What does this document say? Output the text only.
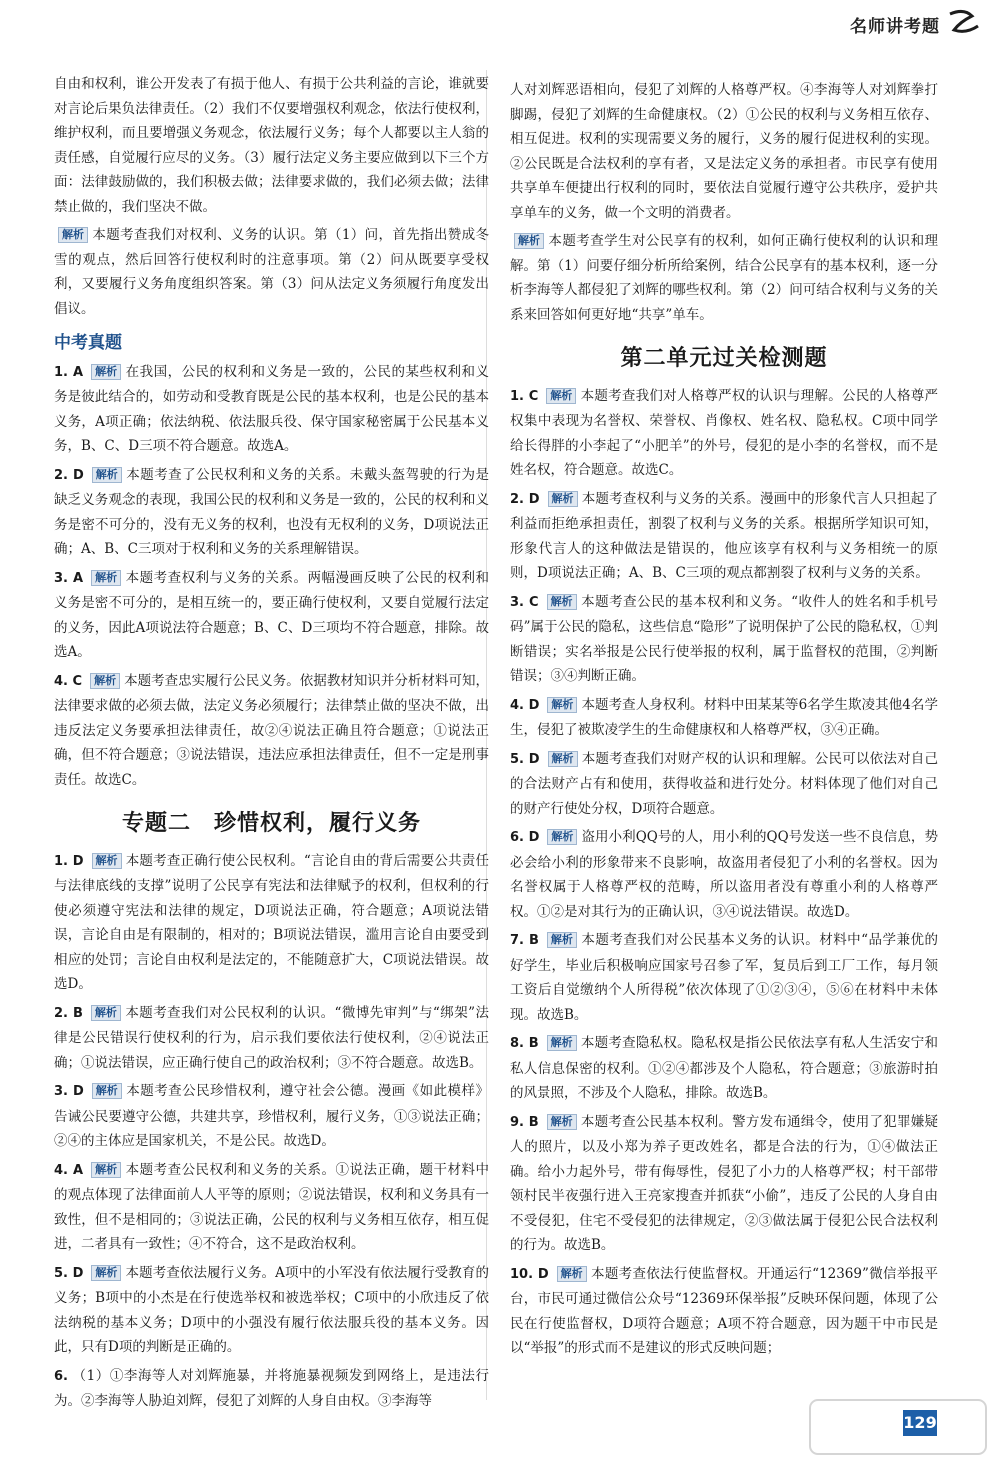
名师讲考题

自由和权利，谁公开发表了有损于他人、有损于公共利益的言论，谁就要对言论后果负法律责任。（2）我们不仅要增强权利观念，依法行使权利，维护权利，而且要增强义务观念，依法履行义务；每个人都要以主人翁的责任感，自觉履行应尽的义务。（3）履行法定义务主要应做到以下三个方面：法律鼓励做的，我们积极去做；法律要求做的，我们必须去做；法律禁止做的，我们坚决不做。

解析 本题考查我们对权利、义务的认识。第（1）问，首先指出赞成冬雪的观点，然后回答行使权利时的注意事项。第（2）问从既要享受权利，又要履行义务角度组织答案。第（3）问从法定义务须履行角度发出倡议。

中考真题

1. A 解析 在我国，公民的权利和义务是一致的，公民的某些权利和义务是彼此结合的，如劳动和受教育既是公民的基本权利，也是公民的基本义务，A项正确；依法纳税、依法服兵役、保守国家秘密属于公民基本义务，B、C、D三项不符合题意。故选A。

2. D 解析 本题考查了公民权利和义务的关系。未戴头盔驾驶的行为是缺乏义务观念的表现，我国公民的权利和义务是一致的，公民的权利和义务是密不可分的，没有无义务的权利，也没有无权利的义务，D项说法正确；A、B、C三项对于权利和义务的关系理解错误。

3. A 解析 本题考查权利与义务的关系。两幅漫画反映了公民的权利和义务是密不可分的，是相互统一的，要正确行使权利，又要自觉履行法定的义务，因此A项说法符合题意；B、C、D三项均不符合题意，排除。故选A。

4. C 解析 本题考查忠实履行公民义务。依据教材知识并分析材料可知，法律要求做的必须去做，法定义务必须履行；法律禁止做的坚决不做，出违反法定义务要承担法律责任，故②④说法正确且符合题意；①说法正确，但不符合题意；③说法错误，违法应承担法律责任，但不一定是刑事责任。故选C。

专题二　珍惜权利，履行义务

1. D 解析 本题考查正确行使公民权利。“言论自由的背后需要公共责任与法律底线的支撑”说明了公民享有宪法和法律赋予的权利，但权利的行使必须遵守宪法和法律的规定，D项说法正确，符合题意；A项说法错误，言论自由是有限制的，相对的；B项说法错误，滥用言论自由要受到相应的处罚；言论自由权利是法定的，不能随意扩大，C项说法错误。故选D。

2. B 解析 本题考查我们对公民权利的认识。“微博先审判”与“绑架”法律是公民错误行使权利的行为，启示我们要依法行使权利，②④说法正确；①说法错误，应正确行使自己的政治权利；③不符合题意。故选B。

3. D 解析 本题考查公民珍惜权利，遵守社会公德。漫画《如此模样》告诫公民要遵守公德，共建共享，珍惜权利，履行义务，①③说法正确；②④的主体应是国家机关，不是公民。故选D。

4. A 解析 本题考查公民权利和义务的关系。①说法正确，题干材料中的观点体现了法律面前人人平等的原则；②说法错误，权利和义务具有一致性，但不是相同的；③说法正确，公民的权利与义务相互依存，相互促进，二者具有一致性；④不符合，这不是政治权利。

5. D 解析 本题考查依法履行义务。A项中的小军没有依法履行受教育的义务；B项中的小杰是在行使选举权和被选举权；C项中的小欣违反了依法纳税的基本义务；D项中的小强没有履行依法服兵役的基本义务。因此，只有D项的判断是正确的。

6. （1）①李海等人对刘辉施暴，并将施暴视频发到网络上，是违法行为。②李海等人胁迫刘辉，侵犯了刘辉的人身自由权。③李海等

人对刘辉恶语相向，侵犯了刘辉的人格尊严权。④李海等人对刘辉拳打脚踢，侵犯了刘辉的生命健康权。（2）①公民的权利与义务相互依存、相互促进。权利的实现需要义务的履行，义务的履行促进权利的实现。②公民既是合法权利的享有者，又是法定义务的承担者。市民享有使用共享单车便捷出行权利的同时，要依法自觉履行遵守公共秩序，爱护共享单车的义务，做一个文明的消费者。

解析 本题考查学生对公民享有的权利，如何正确行使权利的认识和理解。第（1）问要仔细分析所给案例，结合公民享有的基本权利，逐一分析李海等人都侵犯了刘辉的哪些权利。第（2）问可结合权利与义务的关系来回答如何更好地“共享”单车。

第二单元过关检测题

1. C 解析 本题考查我们对人格尊严权的认识与理解。公民的人格尊严权集中表现为名誉权、荣誉权、肖像权、姓名权、隐私权。C项中同学给长得胖的小李起了“小肥羊”的外号，侵犯的是小李的名誉权，而不是姓名权，符合题意。故选C。

2. D 解析 本题考查权利与义务的关系。漫画中的形象代言人只担起了利益而拒绝承担责任，割裂了权利与义务的关系。根据所学知识可知，形象代言人的这种做法是错误的，他应该享有权利与义务相统一的原则，D项说法正确；A、B、C三项的观点都割裂了权利与义务的关系。

3. C 解析 本题考查公民的基本权利和义务。“收件人的姓名和手机号码”属于公民的隐私，这些信息“隐形”了说明保护了公民的隐私权，①判断错误；实名举报是公民行使举报的权利，属于监督权的范围，②判断错误；③④判断正确。

4. D 解析 本题考查人身权利。材料中田某某等6名学生欺凌其他4名学生，侵犯了被欺凌学生的生命健康权和人格尊严权，③④正确。

5. D 解析 本题考查我们对财产权的认识和理解。公民可以依法对自己的合法财产占有和使用，获得收益和进行处分。材料体现了他们对自己的财产行使处分权，D项符合题意。

6. D 解析 盗用小利QQ号的人，用小利的QQ号发送一些不良信息，势必会给小利的形象带来不良影响，故盗用者侵犯了小利的名誉权。因为名誉权属于人格尊严权的范畴，所以盗用者没有尊重小利的人格尊严权。①②是对其行为的正确认识，③④说法错误。故选D。

7. B 解析 本题考查我们对公民基本义务的认识。材料中“品学兼优的好学生，毕业后积极响应国家号召参了军，复员后到工厂工作，每月领工资后自觉缴纳个人所得税”依次体现了①②③④，⑤⑥在材料中未体现。故选B。

8. B 解析 本题考查隐私权。隐私权是指公民依法享有私人生活安宁和私人信息保密的权利。①②④都涉及个人隐私，符合题意；③旅游时拍的风景照，不涉及个人隐私，排除。故选B。

9. B 解析 本题考查公民基本权利。警方发布通缉令，使用了犯罪嫌疑人的照片，以及小郑为养子更改姓名，都是合法的行为，①④做法正确。给小力起外号，带有侮辱性，侵犯了小力的人格尊严权；村干部带领村民半夜强行进入王亮家搜查并抓获“小偷”，违反了公民的人身自由不受侵犯，住宅不受侵犯的法律规定，②③做法属于侵犯公民合法权利的行为。故选B。

10. D 解析 本题考查依法行使监督权。开通运行“12369”微信举报平台，市民可通过微信公众号“12369环保举报”反映环保问题，体现了公民在行使监督权，D项符合题意；A项不符合题意，因为题干中市民是以“举报”的形式而不是建议的形式反映问题；

129
